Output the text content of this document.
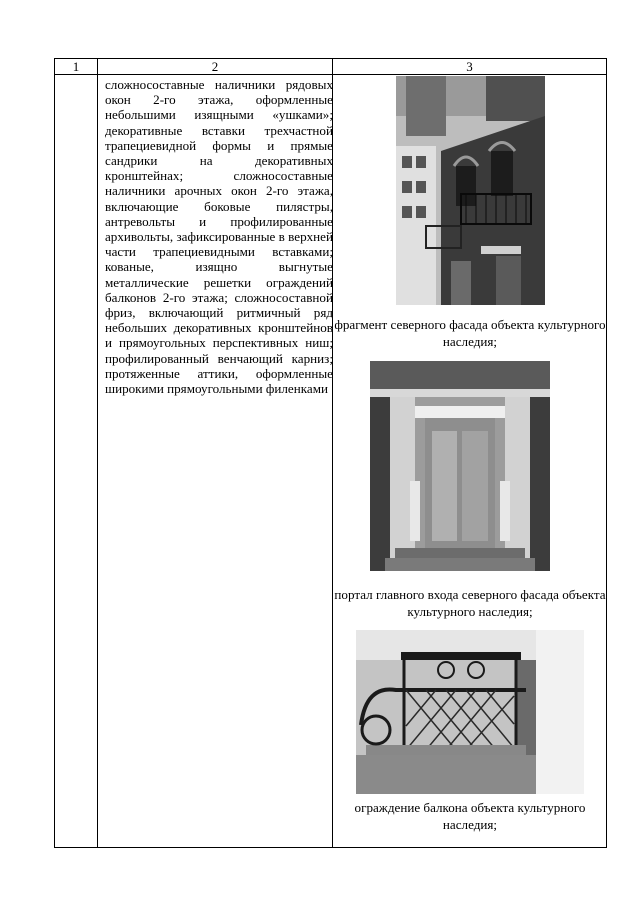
1	2	3

сложносоставные наличники рядовых окон 2-го этажа, оформленные небольшими изящными «ушками»; декоративные вставки трехчастной трапециевидной формы и прямые сандрики на декоративных кронштейнах; сложносоставные наличники арочных окон 2-го этажа, включающие боковые пилястры, антревольты и профилированные архивольты, зафиксированные в верхней части трапециевидными вставками; кованые, изящно выгнутые металлические решетки ограждений балконов 2-го этажа; сложносоставной фриз, включающий ритмичный ряд небольших декоративных кронштейнов и прямоугольных перспективных ниш; профилированный венчающий карниз; протяженные аттики, оформленные широкими прямоугольными филенками

фрагмент северного фасада объекта культурного наследия;
портал главного входа северного фасада объекта культурного наследия;
ограждение балкона объекта культурного наследия;
